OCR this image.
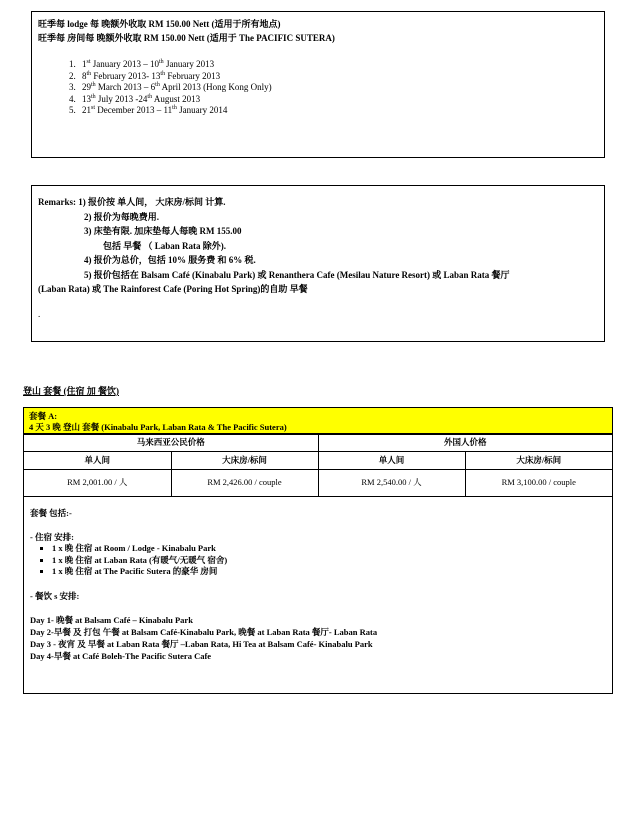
旺季每 lodge 每 晚额外收取 RM 150.00 Nett (适用于所有地点)
旺季每 房间每 晚额外收取 RM 150.00 Nett (适用于 The PACIFIC SUTERA)
1. 1st January 2013 – 10th January 2013
2. 8th February 2013- 13th February 2013
3. 29th March 2013 – 6th April 2013 (Hong Kong Only)
4. 13th July 2013 -24th August 2013
5. 21st December 2013 – 11th January 2014
Remarks: 1) 报价按 单人间， 大床房/标间 计算.
2) 报价为每晚费用.
3) 床垫有限. 加床垫每人每晚 RM 155.00
包括 早餐 （ Laban Rata 除外).
4) 报价为总价，包括 10% 服务费 和 6% 税.
5) 报价包括在 Balsam Café (Kinabalu Park) 或 Renanthera Cafe (Mesilau Nature Resort) 或 Laban Rata 餐厅
(Laban Rata) 或 The Rainforest Cafe (Poring Hot Spring)的自助 早餐
.
登山 套餐 (住宿 加 餐饮)
套餐 A:
4 天 3 晚 登山 套餐 (Kinabalu Park, Laban Rata & The Pacific Sutera)
马来西亚公民价格		外国人价格	
单人间	大床房/标间	单人间	大床房/标间
RM 2,001.00 / 人	RM 2,426.00 / couple	RM 2,540.00 / 人	RM 3,100.00 / couple
套餐 包括:-
- 住宿 安排:
▪ 1 x 晚 住宿 at Room / Lodge - Kinabalu Park
▪ 1 x 晚 住宿 at Laban Rata (有暖气/无暖气 宿舍)
▪ 1 x 晚 住宿 at The Pacific Sutera 的豪华 房间
- 餐饮 s 安排:
Day 1- 晚餐 at Balsam Café – Kinabalu Park
Day 2-早餐 及 打包 午餐 at Balsam Café-Kinabalu Park, 晚餐 at Laban Rata 餐厅- Laban Rata
Day 3 - 夜宵 及 早餐 at Laban Rata 餐厅 –Laban Rata, Hi Tea at Balsam Café- Kinabalu Park
Day 4-早餐 at Café Boleh-The Pacific Sutera Cafe
